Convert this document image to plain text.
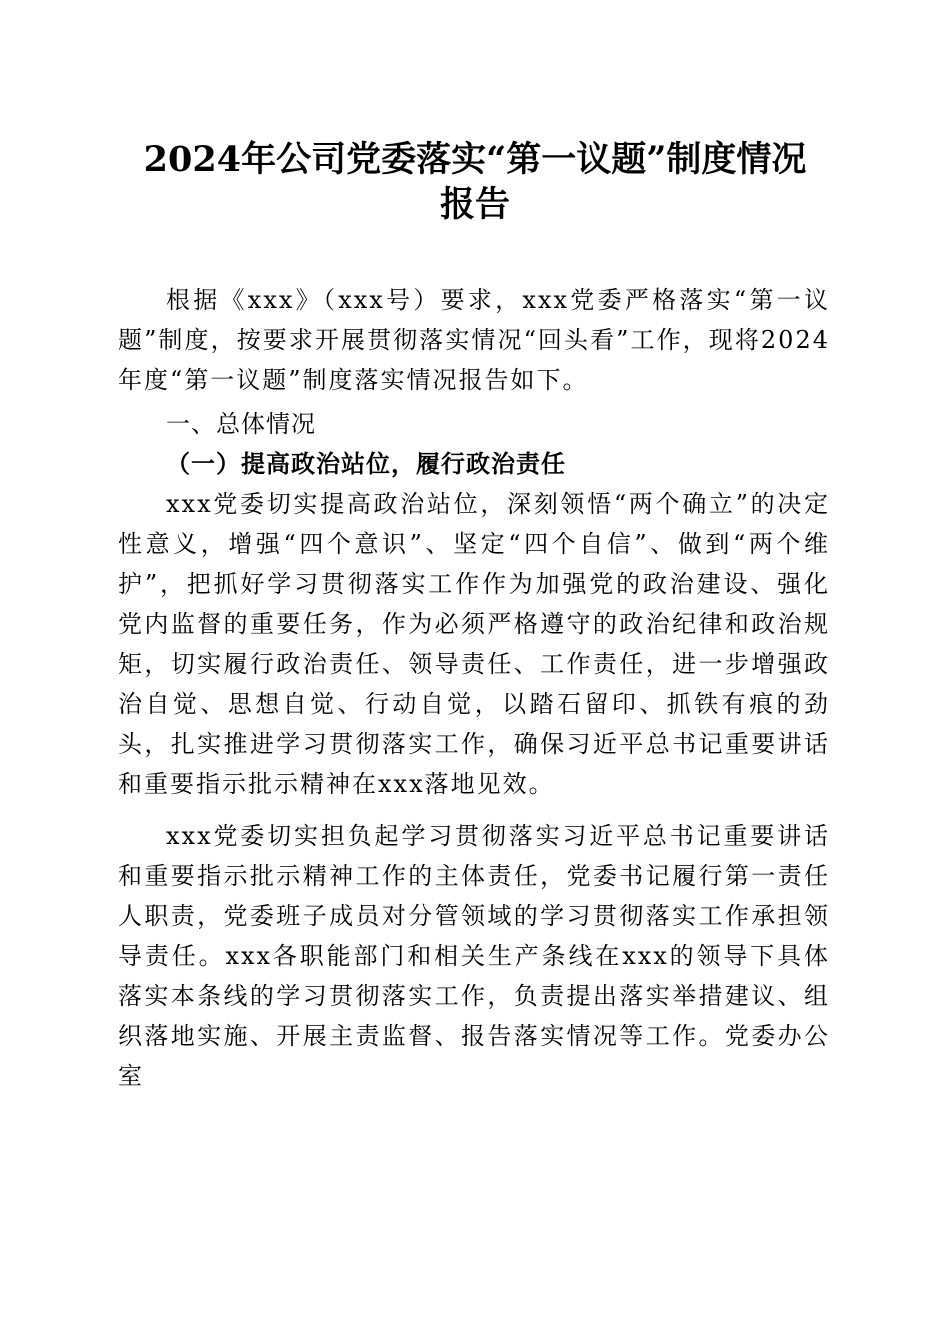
2024年公司党委落实“第一议题”制度情况
报告

根据《xxx》（xxx号）要求，xxx党委严格落实“第一议题”制度，按要求开展贯彻落实情况“回头看”工作，现将2024年度“第一议题”制度落实情况报告如下。

一、总体情况

（一）提高政治站位，履行政治责任

xxx党委切实提高政治站位，深刻领悟“两个确立”的决定性意义，增强“四个意识”、坚定“四个自信”、做到“两个维护”，把抓好学习贯彻落实工作作为加强党的政治建设、强化党内监督的重要任务，作为必须严格遵守的政治纪律和政治规矩，切实履行政治责任、领导责任、工作责任，进一步增强政治自觉、思想自觉、行动自觉，以踏石留印、抓铁有痕的劲头，扎实推进学习贯彻落实工作，确保习近平总书记重要讲话和重要指示批示精神在xxx落地见效。

xxx党委切实担负起学习贯彻落实习近平总书记重要讲话和重要指示批示精神工作的主体责任，党委书记履行第一责任人职责，党委班子成员对分管领域的学习贯彻落实工作承担领导责任。xxx各职能部门和相关生产条线在xxx的领导下具体落实本条线的学习贯彻落实工作，负责提出落实举措建议、组织落地实施、开展主责监督、报告落实情况等工作。党委办公室
